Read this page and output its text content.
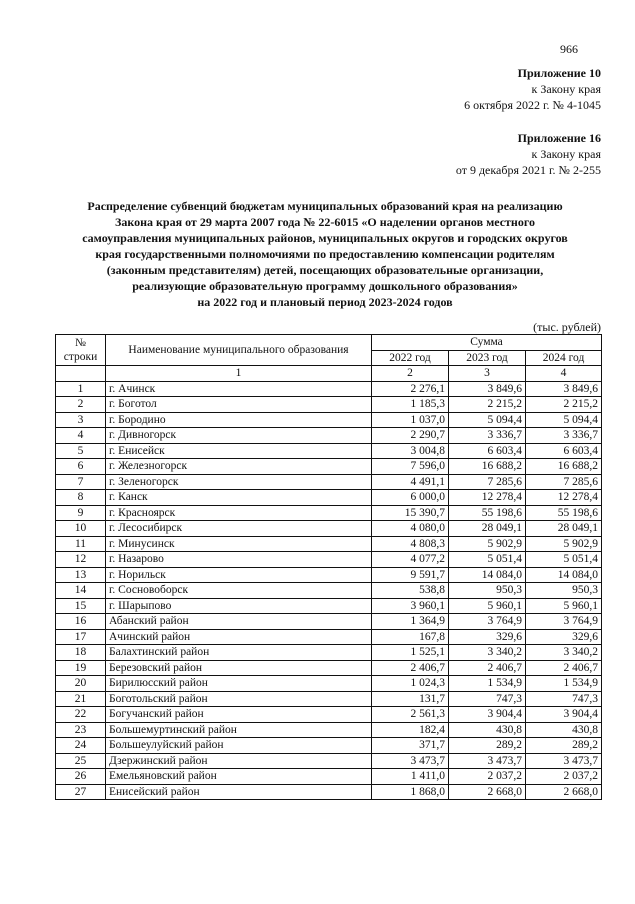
966
Приложение 10
к Закону края
6 октября 2022 г. № 4-1045
Приложение 16
к Закону края
от 9 декабря 2021 г. № 2-255
Распределение субвенций бюджетам муниципальных образований края на реализацию
Закона края от 29 марта 2007 года № 22-6015 «О наделении органов местного
самоуправления муниципальных районов, муниципальных округов и городских округов
края государственными полномочиями по предоставлению компенсации родителям
(законным представителям) детей, посещающих образовательные организации,
реализующие образовательную программу дошкольного образования»
на 2022 год и плановый период 2023-2024 годов
(тыс. рублей)
№
строки	Наименование муниципального образования	Сумма		
		2022 год	2023 год	2024 год
	1	2	3	4
1	г. Ачинск	2 276,1	3 849,6	3 849,6
2	г. Боготол	1 185,3	2 215,2	2 215,2
3	г. Бородино	1 037,0	5 094,4	5 094,4
4	г. Дивногорск	2 290,7	3 336,7	3 336,7
5	г. Енисейск	3 004,8	6 603,4	6 603,4
6	г. Железногорск	7 596,0	16 688,2	16 688,2
7	г. Зеленогорск	4 491,1	7 285,6	7 285,6
8	г. Канск	6 000,0	12 278,4	12 278,4
9	г. Красноярск	15 390,7	55 198,6	55 198,6
10	г. Лесосибирск	4 080,0	28 049,1	28 049,1
11	г. Минусинск	4 808,3	5 902,9	5 902,9
12	г. Назарово	4 077,2	5 051,4	5 051,4
13	г. Норильск	9 591,7	14 084,0	14 084,0
14	г. Сосновоборск	538,8	950,3	950,3
15	г. Шарыпово	3 960,1	5 960,1	5 960,1
16	Абанский район	1 364,9	3 764,9	3 764,9
17	Ачинский район	167,8	329,6	329,6
18	Балахтинский район	1 525,1	3 340,2	3 340,2
19	Березовский район	2 406,7	2 406,7	2 406,7
20	Бирилюсский район	1 024,3	1 534,9	1 534,9
21	Боготольский район	131,7	747,3	747,3
22	Богучанский район	2 561,3	3 904,4	3 904,4
23	Большемуртинский район	182,4	430,8	430,8
24	Большеулуйский район	371,7	289,2	289,2
25	Дзержинский район	3 473,7	3 473,7	3 473,7
26	Емельяновский район	1 411,0	2 037,2	2 037,2
27	Енисейский район	1 868,0	2 668,0	2 668,0
